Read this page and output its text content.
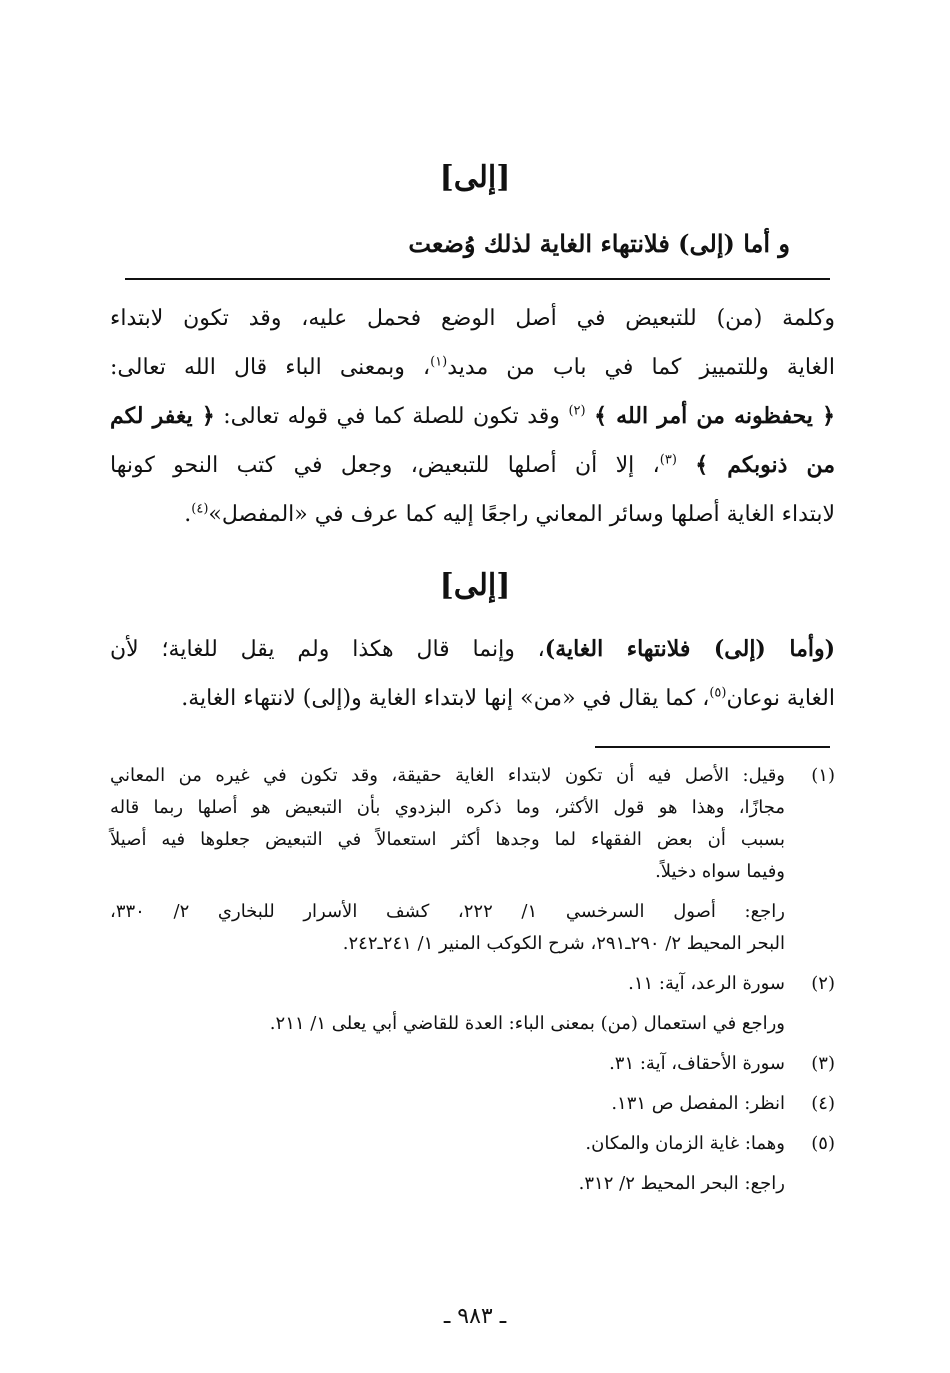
[إلى]
و أما (إلى) فلانتهاء الغاية لذلك وُضعت
وكلمة (من) للتبعيض في أصل الوضع فحمل عليه، وقد تكون لابتداء
الغاية وللتمييز كما في باب من مديد$^{(١)}$، وبمعنى الباء قال الله تعالى:
﴿ يحفظونه من أمر الله ﴾ $^{(٢)}$ وقد تكون للصلة كما في قوله تعالى: ﴿ يغفر لكم
من ذنوبكم ﴾ $^{(٣)}$، إلا أن أصلها للتبعيض، وجعل في كتب النحو كونها
لابتداء الغاية أصلها وسائر المعاني راجعًا إليه كما عرف في «المفصل»$^{(٤)}$.
[إلى]
(وأما (إلى) فلانتهاء الغاية)، وإنما قال هكذا ولم يقل للغاية؛ لأن
الغاية نوعان$^{(٥)}$، كما يقال في «من» إنها لابتداء الغاية و(إلى) لانتهاء الغاية.
(١)
وقيل: الأصل فيه أن تكون لابتداء الغاية حقيقة، وقد تكون في غيره من المعاني
مجازًا، وهذا هو قول الأكثر، وما ذكره البزدوي بأن التبعيض هو أصلها ربما قاله
بسبب أن بعض الفقهاء لما وجدها أكثر استعمالاً في التبعيض جعلوها فيه أصيلاً
وفيما سواه دخيلاً.
راجع: أصول السرخسي ١/ ٢٢٢، كشف الأسرار للبخاري ٢/ ٣٣٠،
البحر المحيط ٢/ ٢٩٠ـ٢٩١، شرح الكوكب المنير ١/ ٢٤١ـ٢٤٢.
(٢)
سورة الرعد، آية: ١١.
وراجع في استعمال (من) بمعنى الباء: العدة للقاضي أبي يعلى ١/ ٢١١.
(٣)
سورة الأحقاف، آية: ٣١.
(٤)
انظر: المفصل ص ١٣١.
(٥)
وهما: غاية الزمان والمكان.
راجع: البحر المحيط ٢/ ٣١٢.
ـ ٩٨٣ ـ
